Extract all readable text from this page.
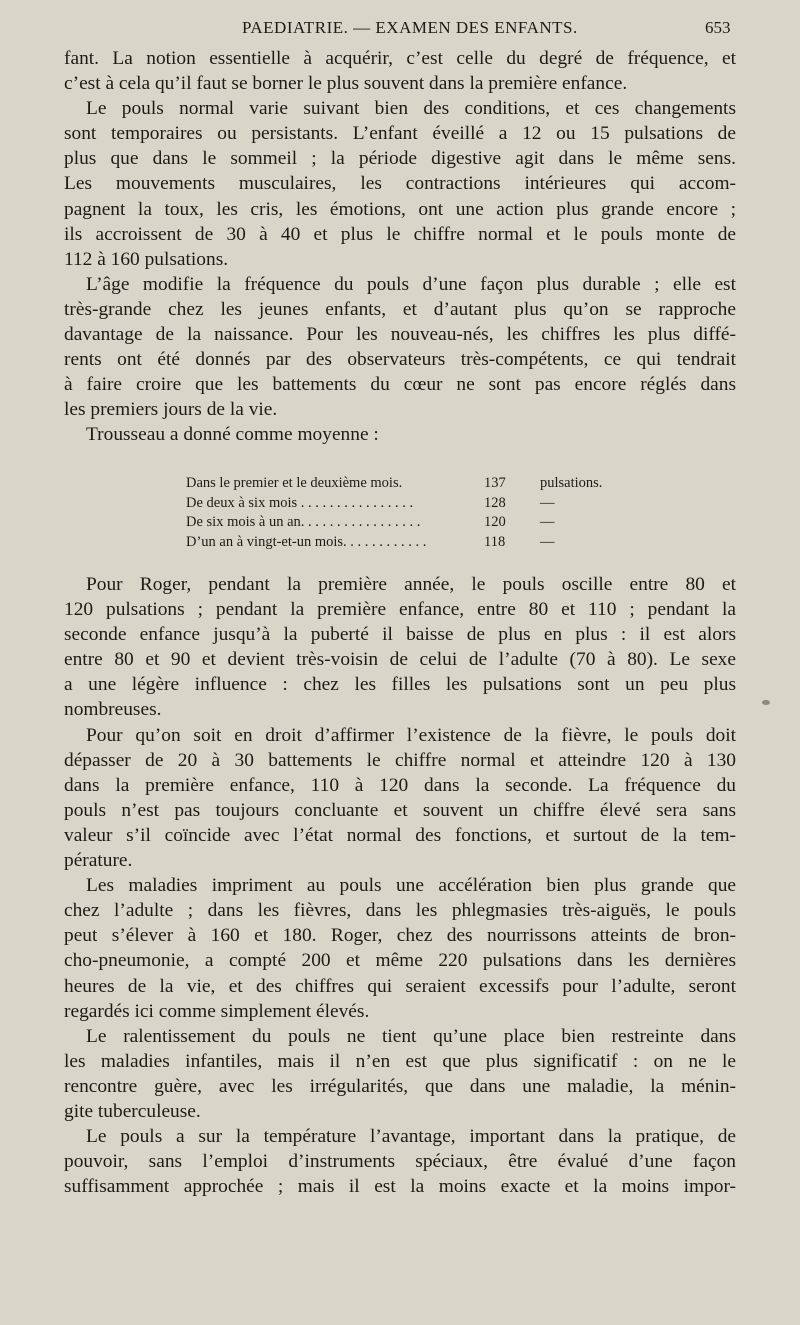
PAEDIATRIE. — EXAMEN DES ENFANTS.	653
fant. La notion essentielle à acquérir, c’est celle du degré de fréquence, et
c’est à cela qu’il faut se borner le plus souvent dans la première enfance.
Le pouls normal varie suivant bien des conditions, et ces changements
sont temporaires ou persistants. L’enfant éveillé a 12 ou 15 pulsations de
plus que dans le sommeil ; la période digestive agit dans le même sens.
Les mouvements musculaires, les contractions intérieures qui accom-
pagnent la toux, les cris, les émotions, ont une action plus grande encore ;
ils accroissent de 30 à 40 et plus le chiffre normal et le pouls monte de
112 à 160 pulsations.
L’âge modifie la fréquence du pouls d’une façon plus durable ; elle est
très-grande chez les jeunes enfants, et d’autant plus qu’on se rapproche
davantage de la naissance. Pour les nouveau-nés, les chiffres les plus diffé-
rents ont été donnés par des observateurs très-compétents, ce qui tendrait
à faire croire que les battements du cœur ne sont pas encore réglés dans
les premiers jours de la vie.
Trousseau a donné comme moyenne :
Dans le premier et le deuxième mois.	137 pulsations.
De deux à six mois . . . . . . . . . . . . . . . .	128 —
De six mois à un an. . . . . . . . . . . . . . . . .	120 —
D’un an à vingt-et-un mois. . . . . . . . . . . .	118 —
Pour Roger, pendant la première année, le pouls oscille entre 80 et
120 pulsations ; pendant la première enfance, entre 80 et 110 ; pendant la
seconde enfance jusqu’à la puberté il baisse de plus en plus : il est alors
entre 80 et 90 et devient très-voisin de celui de l’adulte (70 à 80). Le sexe
a une légère influence : chez les filles les pulsations sont un peu plus
nombreuses.
Pour qu’on soit en droit d’affirmer l’existence de la fièvre, le pouls doit
dépasser de 20 à 30 battements le chiffre normal et atteindre 120 à 130
dans la première enfance, 110 à 120 dans la seconde. La fréquence du
pouls n’est pas toujours concluante et souvent un chiffre élevé sera sans
valeur s’il coïncide avec l’état normal des fonctions, et surtout de la tem-
pérature.
Les maladies impriment au pouls une accélération bien plus grande que
chez l’adulte ; dans les fièvres, dans les phlegmasies très-aiguës, le pouls
peut s’élever à 160 et 180. Roger, chez des nourrissons atteints de bron-
cho-pneumonie, a compté 200 et même 220 pulsations dans les dernières
heures de la vie, et des chiffres qui seraient excessifs pour l’adulte, seront
regardés ici comme simplement élevés.
Le ralentissement du pouls ne tient qu’une place bien restreinte dans
les maladies infantiles, mais il n’en est que plus significatif : on ne le
rencontre guère, avec les irrégularités, que dans une maladie, la ménin-
gite tuberculeuse.
Le pouls a sur la température l’avantage, important dans la pratique, de
pouvoir, sans l’emploi d’instruments spéciaux, être évalué d’une façon
suffisamment approchée ; mais il est la moins exacte et la moins impor-
